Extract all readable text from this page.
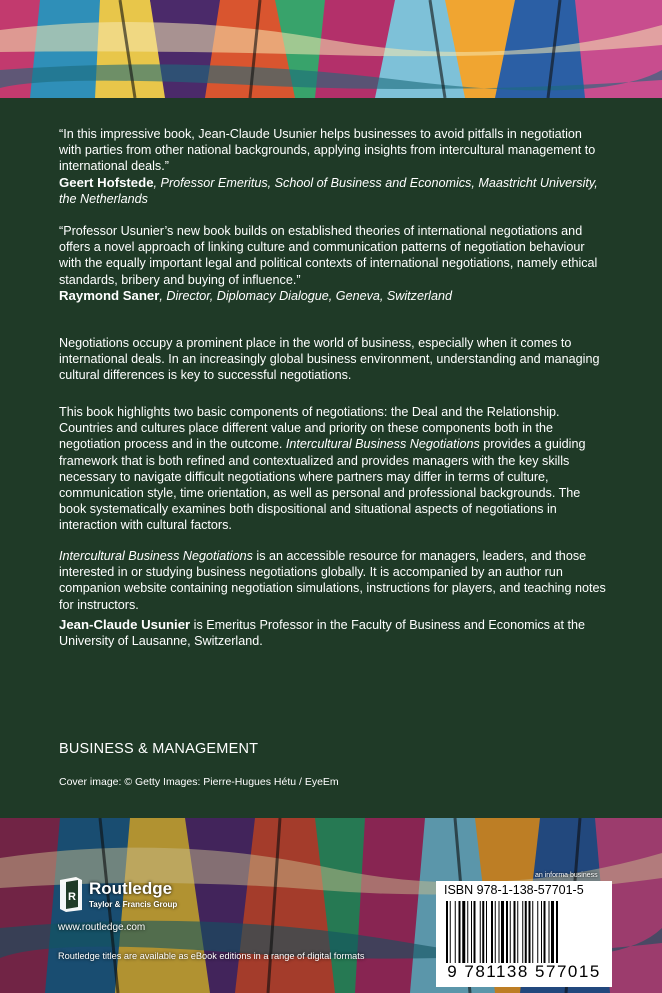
“In this impressive book, Jean-Claude Usunier helps businesses to avoid pitfalls in negotiation with parties from other national backgrounds, applying insights from intercultural management to international deals.”
Geert Hofstede, Professor Emeritus, School of Business and Economics, Maastricht University, the Netherlands

“Professor Usunier’s new book builds on established theories of international negotiations and offers a novel approach of linking culture and communication patterns of negotiation behaviour with the equally important legal and political contexts of international negotiations, namely ethical standards, bribery and buying of influence.”
Raymond Saner, Director, Diplomacy Dialogue, Geneva, Switzerland

Negotiations occupy a prominent place in the world of business, especially when it comes to international deals. In an increasingly global business environment, understanding and managing cultural differences is key to successful negotiations.

This book highlights two basic components of negotiations: the Deal and the Relationship. Countries and cultures place different value and priority on these components both in the negotiation process and in the outcome. Intercultural Business Negotiations provides a guiding framework that is both refined and contextualized and provides managers with the key skills necessary to navigate difficult negotiations where partners may differ in terms of culture, communication style, time orientation, as well as personal and professional backgrounds. The book systematically examines both dispositional and situational aspects of negotiations in interaction with cultural factors.

Intercultural Business Negotiations is an accessible resource for managers, leaders, and those interested in or studying business negotiations globally. It is accompanied by an author run companion website containing negotiation simulations, instructions for players, and teaching notes for instructors.

Jean-Claude Usunier is Emeritus Professor in the Faculty of Business and Economics at the University of Lausanne, Switzerland.

BUSINESS & MANAGEMENT
Cover image: © Getty Images: Pierre-Hugues Hétu / EyeEm
R Routledge
Taylor & Francis Group
www.routledge.com
Routledge titles are available as eBook editions in a range of digital formats
an informa business
ISBN 978-1-138-57701-5
9 781138 577015
